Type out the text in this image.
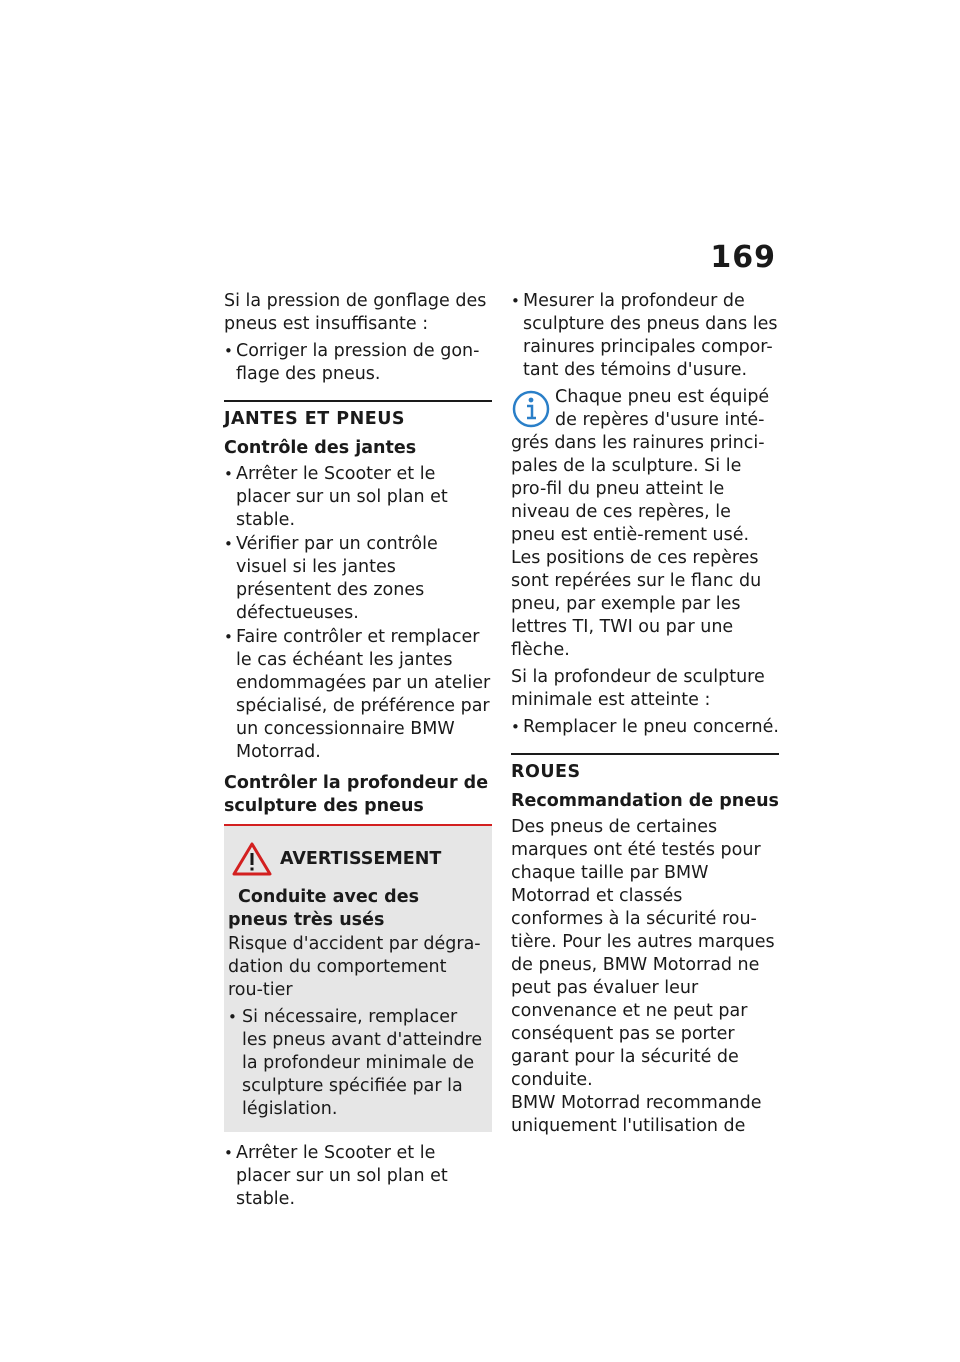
169

Si la pression de gonflage des pneus est insuffisante :

• Corriger la pression de gon-flage des pneus.
JANTES ET PNEUS
Contrôle des jantes
• Arrêter le Scooter et le placer sur un sol plan et stable.
• Vérifier par un contrôle visuel si les jantes présentent des zones défectueuses.
• Faire contrôler et remplacer le cas échéant les jantes endommagées par un atelier spécialisé, de préférence par un concessionnaire BMW Motorrad.
Contrôler la profondeur de sculpture des pneus
AVERTISSEMENT
Conduite avec des pneus très usés

Risque d'accident par dégra-dation du comportement rou-tier

• Si nécessaire, remplacer les pneus avant d'atteindre la profondeur minimale de sculpture spécifiée par la législation.
• Arrêter le Scooter et le placer sur un sol plan et stable.
• Mesurer la profondeur de sculpture des pneus dans les rainures principales compor-tant des témoins d'usure.

Chaque pneu est équipé de repères d'usure inté-grés dans les rainures princi-pales de la sculpture. Si le pro-fil du pneu atteint le niveau de ces repères, le pneu est entiè-rement usé. Les positions de ces repères sont repérées sur le flanc du pneu, par exemple par les lettres TI, TWI ou par une flèche.

Si la profondeur de sculpture minimale est atteinte :

• Remplacer le pneu concerné.
ROUES
Recommandation de pneus

Des pneus de certaines marques ont été testés pour chaque taille par BMW Motorrad et classés conformes à la sécurité rou-tière. Pour les autres marques de pneus, BMW Motorrad ne peut pas évaluer leur convenance et ne peut par conséquent pas se porter garant pour la sécurité de conduite.

BMW Motorrad recommande uniquement l'utilisation de
